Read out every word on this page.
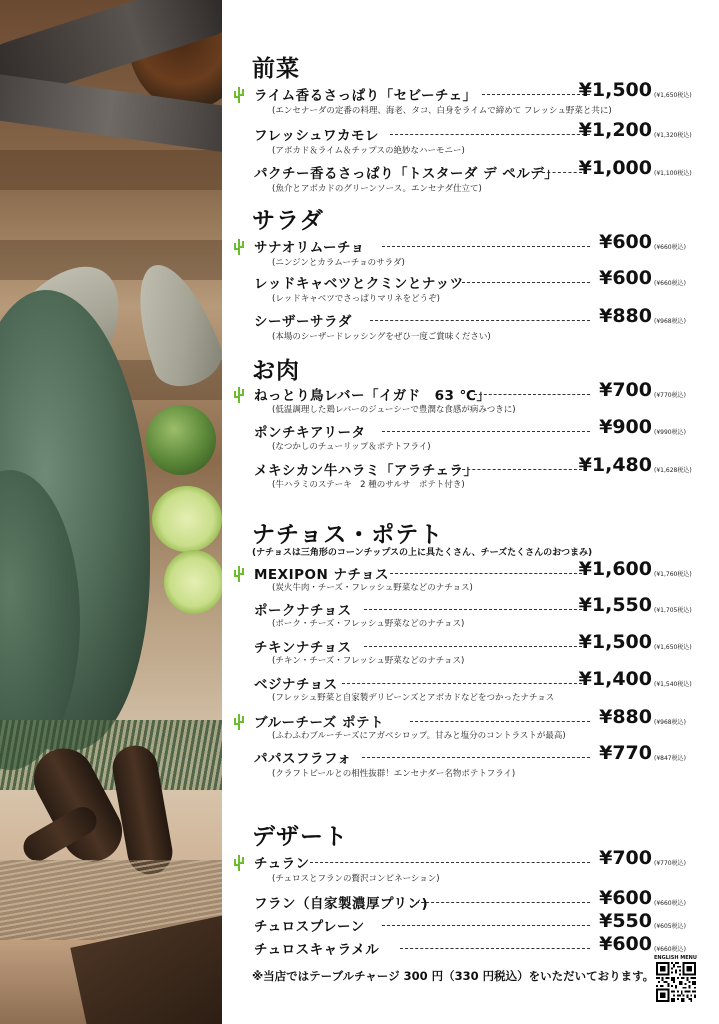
前菜
ライム香るさっぱり「セビーチェ」	¥1,500 (¥1,650税込)
(エンセナーダの定番の料理、海老、タコ、白身をライムで締めて フレッシュ野菜と共に)
フレッシュワカモレ	¥1,200 (¥1,320税込)
(アボカド＆ライム＆チップスの絶妙なハーモニー)
パクチー香るさっぱり「トスターダ デ ペルデ」 ¥1,000 (¥1,100税込)
(魚介とアボカドのグリーンソース。エンセナダ仕立て)
サラダ
サナオリムーチョ	¥600 (¥660税込)
(ニンジンとカラムーチョのサラダ)
レッドキャベツとクミンとナッツ	¥600 (¥660税込)
(レッドキャベツでさっぱりマリネをどうぞ)
シーザーサラダ	¥880 (¥968税込)
(本場のシーザードレッシングをぜひ一度ご賞味ください)
お肉
ねっとり鳥レバー「イガド　63 ℃」	¥700 (¥770税込)
(低温調理した鶏レバーのジューシーで豊潤な食感が病みつきに)
ポンチキアリータ	¥900 (¥990税込)
(なつかしのチューリップ＆ポテトフライ)
メキシカン牛ハラミ「アラチェラ」	¥1,480 (¥1,628税込)
(牛ハラミのステーキ　2 種のサルサ　ポテト付き)
ナチョス・ポテト
(ナチョスは三角形のコーンチップスの上に具たくさん、チーズたくさんのおつまみ)
MEXIPON ナチョス	¥1,600 (¥1,760税込)
(炭火牛肉・チーズ・フレッシュ野菜などのナチョス)
ポークナチョス	¥1,550 (¥1,705税込)
(ポーク・チーズ・フレッシュ野菜などのナチョス)
チキンナチョス	¥1,500 (¥1,650税込)
(チキン・チーズ・フレッシュ野菜などのナチョス)
ベジナチョス	¥1,400 (¥1,540税込)
(フレッシュ野菜と自家製デリビーンズとアボカドなどをつかったナチョス
ブルーチーズ ポテト	¥880 (¥968税込)
(ふわふわブルーチーズにアガベシロップ。甘みと塩分のコントラストが最高)
パパスフラフォ	¥770 (¥847税込)
(クラフトビールとの相性抜群！エンセナダー名物ポテトフライ)
デザート
チュラン	¥700 (¥770税込)
(チュロスとフランの贅沢コンビネーション)
フラン（自家製濃厚プリン)	¥600 (¥660税込)
チュロスプレーン	¥550 (¥605税込)
チュロスキャラメル	¥600 (¥660税込)
※当店ではテーブルチャージ 300 円（330 円税込）をいただいております。
ENGLISH MENU
